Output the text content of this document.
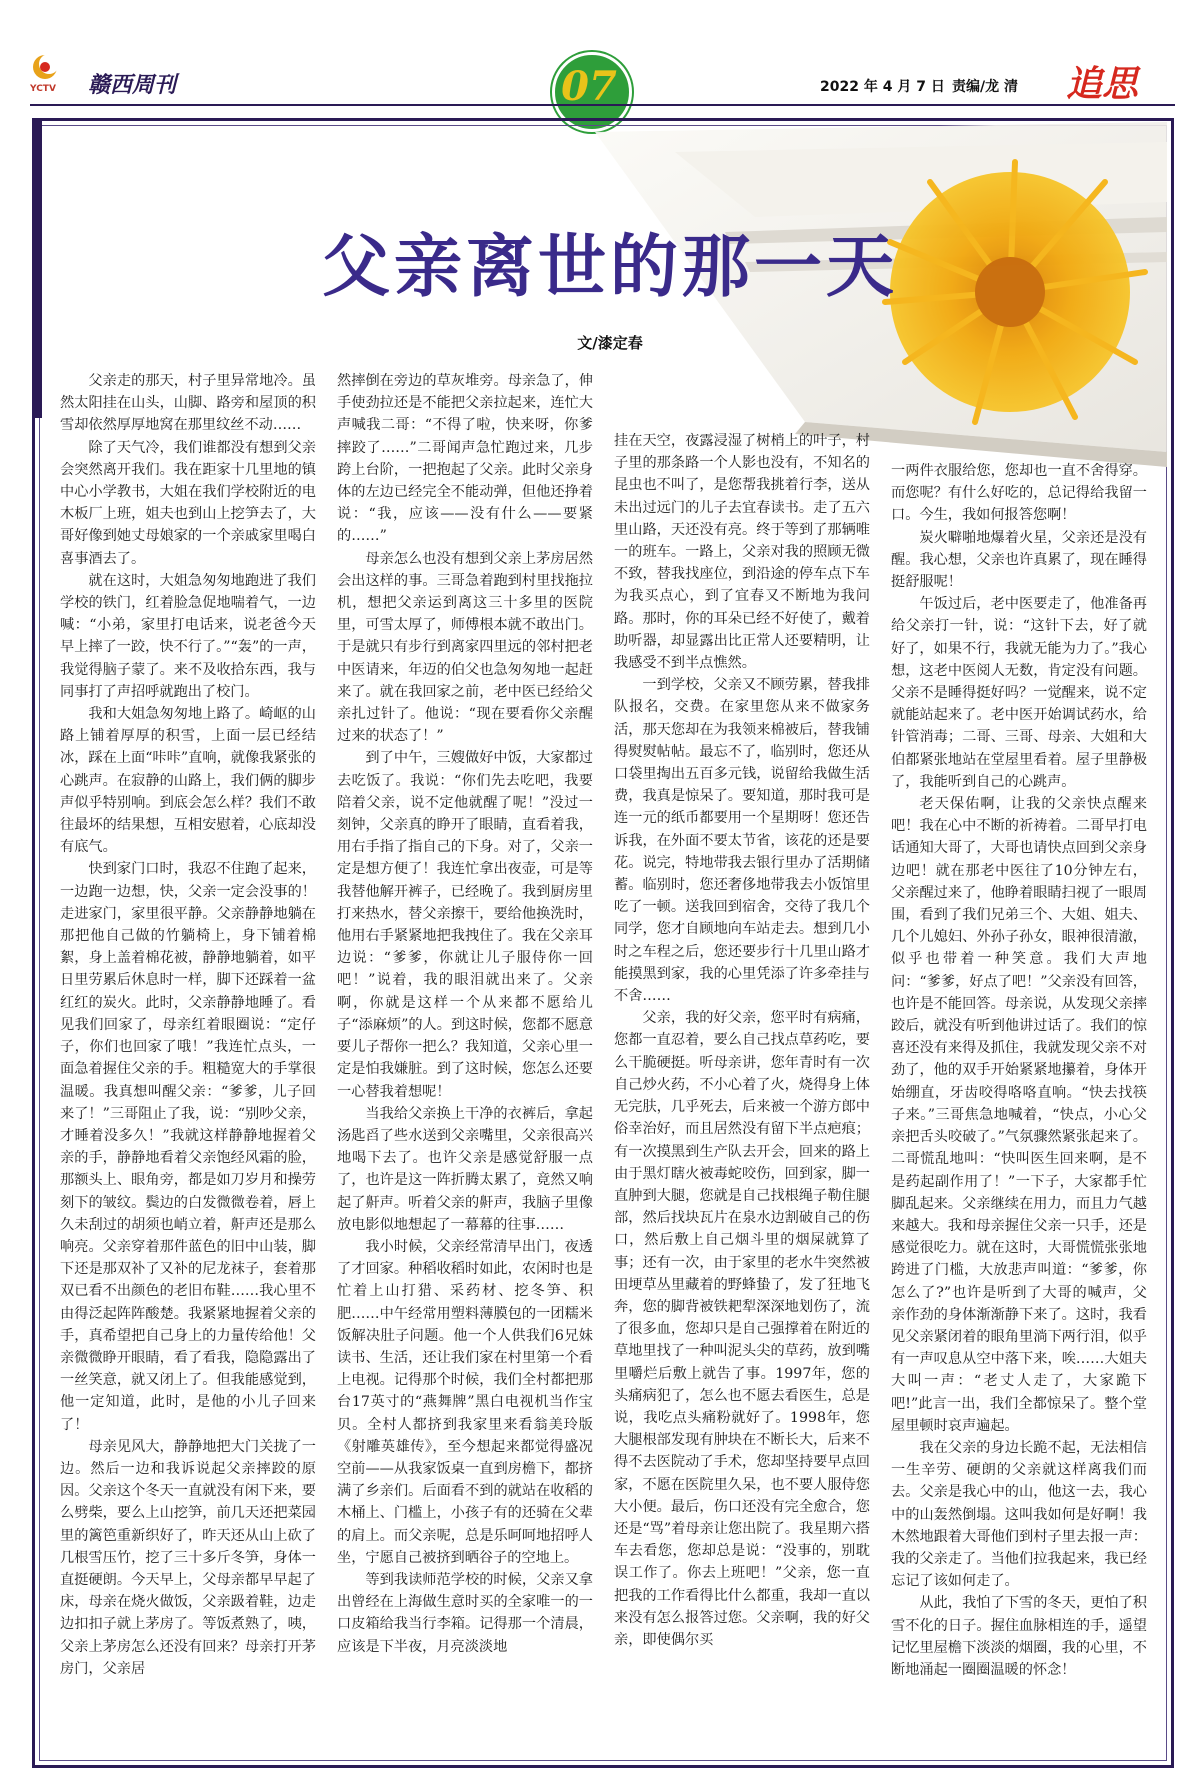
YCTV 赣西周刊	07	2022 年 4 月 7 日 责编/龙 清 追思
父亲离世的那一天
文/漆定春

父亲走的那天，村子里异常地冷。虽然太阳挂在山头，山脚、路旁和屋顶的积雪却依然厚厚地窝在那里纹丝不动……

除了天气冷，我们谁都没有想到父亲会突然离开我们。我在距家十几里地的镇中心小学教书，大姐在我们学校附近的电木板厂上班，姐夫也到山上挖笋去了，大哥好像到她丈母娘家的一个亲戚家里喝白喜事酒去了。

就在这时，大姐急匆匆地跑进了我们学校的铁门，红着脸急促地喘着气，一边喊：“小弟，家里打电话来，说老爸今天早上摔了一跤，快不行了。”“轰”的一声，我觉得脑子蒙了。来不及收拾东西，我与同事打了声招呼就跑出了校门。

我和大姐急匆匆地上路了。崎岖的山路上铺着厚厚的积雪，上面一层已经结冰，踩在上面“咔咔”直响，就像我紧张的心跳声。在寂静的山路上，我们俩的脚步声似乎特别响。到底会怎么样？我们不敢往最坏的结果想，互相安慰着，心底却没有底气。

快到家门口时，我忍不住跑了起来，一边跑一边想，快，父亲一定会没事的！走进家门，家里很平静。父亲静静地躺在那把他自己做的竹躺椅上，身下铺着棉絮，身上盖着棉花被，静静地躺着，如平日里劳累后休息时一样，脚下还踩着一盆红红的炭火。此时，父亲静静地睡了。看见我们回家了，母亲红着眼圈说：“定仔子，你们也回家了哦！”我连忙点头，一面急着握住父亲的手。粗糙宽大的手掌很温暖。我真想叫醒父亲：“爹爹，儿子回来了！”三哥阻止了我，说：“别吵父亲，才睡着没多久！”我就这样静静地握着父亲的手，静静地看着父亲饱经风霜的脸，那额头上、眼角旁，都是如刀岁月和操劳刻下的皱纹。鬓边的白发微微卷着，唇上久未刮过的胡须也峭立着，鼾声还是那么响亮。父亲穿着那件蓝色的旧中山装，脚下还是那双补了又补的尼龙袜子，套着那双已看不出颜色的老旧布鞋……我心里不由得泛起阵阵酸楚。我紧紧地握着父亲的手，真希望把自己身上的力量传给他！父亲微微睁开眼睛，看了看我，隐隐露出了一丝笑意，就又闭上了。但我能感觉到，他一定知道，此时，是他的小儿子回来了！

母亲见风大，静静地把大门关拢了一边。然后一边和我诉说起父亲摔跤的原因。父亲这个冬天一直就没有闲下来，要么劈柴，要么上山挖笋，前几天还把菜园里的篱笆重新织好了，昨天还从山上砍了几根雪压竹，挖了三十多斤冬笋，身体一直挺硬朗。今天早上，父母亲都早早起了床，母亲在烧火做饭，父亲趿着鞋，边走边扣扣子就上茅房了。等饭煮熟了，咦，父亲上茅房怎么还没有回来？母亲打开茅房门，父亲居

然摔倒在旁边的草灰堆旁。母亲急了，伸手使劲拉还是不能把父亲拉起来，连忙大声喊我二哥：“不得了啦，快来呀，你爹摔跤了……”二哥闻声急忙跑过来，几步跨上台阶，一把抱起了父亲。此时父亲身体的左边已经完全不能动弹，但他还挣着说：“我，应该——没有什么——要紧的……”

母亲怎么也没有想到父亲上茅房居然会出这样的事。三哥急着跑到村里找拖拉机，想把父亲运到离这三十多里的医院里，可雪太厚了，师傅根本就不敢出门。于是就只有步行到离家四里远的邻村把老中医请来，年迈的伯父也急匆匆地一起赶来了。就在我回家之前，老中医已经给父亲扎过针了。他说：“现在要看你父亲醒过来的状态了！”

到了中午，三嫂做好中饭，大家都过去吃饭了。我说：“你们先去吃吧，我要陪着父亲，说不定他就醒了呢！”没过一刻钟，父亲真的睁开了眼睛，直看着我，用右手指了指自己的下身。对了，父亲一定是想方便了！我连忙拿出夜壶，可是等我替他解开裤子，已经晚了。我到厨房里打来热水，替父亲擦干，要给他换洗时，他用右手紧紧地把我拽住了。我在父亲耳边说：“爹爹，你就让儿子服侍你一回吧！”说着，我的眼泪就出来了。父亲啊，你就是这样一个从来都不愿给儿子“添麻烦”的人。到这时候，您都不愿意要儿子帮你一把么？我知道，父亲心里一定是怕我嫌脏。到了这时候，您怎么还要一心替我着想呢！

当我给父亲换上干净的衣裤后，拿起汤匙舀了些水送到父亲嘴里，父亲很高兴地喝下去了。也许父亲是感觉舒服一点了，也许是这一阵折腾太累了，竟然又响起了鼾声。听着父亲的鼾声，我脑子里像放电影似地想起了一幕幕的往事……

我小时候，父亲经常清早出门，夜透了才回家。种稻收稻时如此，农闲时也是忙着上山打猎、采药材、挖冬笋、积肥……中午经常用塑料薄膜包的一团糯米饭解决肚子问题。他一个人供我们6兄妹读书、生活，还让我们家在村里第一个看上电视。记得那个时候，我们全村都把那台17英寸的“燕舞牌”黑白电视机当作宝贝。全村人都挤到我家里来看翁美玲版《射雕英雄传》，至今想起来都觉得盛况空前——从我家饭桌一直到房檐下，都挤满了乡亲们。后面看不到的就站在收稻的木桶上、门槛上，小孩子有的还骑在父辈的肩上。而父亲呢，总是乐呵呵地招呼人坐，宁愿自己被挤到晒谷子的空地上。

等到我读师范学校的时候，父亲又拿出曾经在上海做生意时买的全家唯一的一口皮箱给我当行李箱。记得那一个清晨，应该是下半夜，月亮淡淡地

挂在天空，夜露浸湿了树梢上的叶子，村子里的那条路一个人影也没有，不知名的昆虫也不叫了，是您帮我挑着行李，送从未出过远门的儿子去宜春读书。走了五六里山路，天还没有亮。终于等到了那辆唯一的班车。一路上，父亲对我的照顾无微不致，替我找座位，到沿途的停车点下车为我买点心，到了宜春又不断地为我问路。那时，你的耳朵已经不好使了，戴着助听器，却显露出比正常人还要精明，让我感受不到半点憔然。

一到学校，父亲又不顾劳累，替我排队报名，交费。在家里您从来不做家务活，那天您却在为我领来棉被后，替我铺得熨熨帖帖。最忘不了，临别时，您还从口袋里掏出五百多元钱，说留给我做生活费，我真是惊呆了。要知道，那时我可是连一元的纸币都要用一个星期呀！您还告诉我，在外面不要太节省，该花的还是要花。说完，特地带我去银行里办了活期储蓄。临别时，您还奢侈地带我去小饭馆里吃了一顿。送我回到宿舍，交待了我几个同学，您才自顾地向车站走去。想到几小时之车程之后，您还要步行十几里山路才能摸黑到家，我的心里凭添了许多牵挂与不舍……

父亲，我的好父亲，您平时有病痛，您都一直忍着，要么自己找点草药吃，要么干脆硬挺。听母亲讲，您年青时有一次自己炒火药，不小心着了火，烧得身上体无完肤，几乎死去，后来被一个游方郎中俗幸治好，而且居然没有留下半点疤痕；有一次摸黑到生产队去开会，回来的路上由于黑灯瞎火被毒蛇咬伤，回到家，脚一直肿到大腿，您就是自己找根绳子勒住腿部，然后找块瓦片在泉水边割破自己的伤口，然后敷上自己烟斗里的烟屎就算了事；还有一次，由于家里的老水牛突然被田埂草丛里藏着的野蜂蛰了，发了狂地飞奔，您的脚背被铁耙犁深深地划伤了，流了很多血，您却只是自己强撑着在附近的草地里找了一种叫泥头尖的草药，放到嘴里嚼烂后敷上就告了事。1997年，您的头痛病犯了，怎么也不愿去看医生，总是说，我吃点头痛粉就好了。1998年，您大腿根部发现有肿块在不断长大，后来不得不去医院动了手术，您却坚持要早点回家，不愿在医院里久呆，也不要人服侍您大小便。最后，伤口还没有完全愈合，您还是“骂”着母亲让您出院了。我星期六搭车去看您，您却总是说：“没事的，别耽误工作了。你去上班吧！”父亲，您一直把我的工作看得比什么都重，我却一直以来没有怎么报答过您。父亲啊，我的好父亲，即使偶尔买

一两件衣服给您，您却也一直不舍得穿。而您呢？有什么好吃的，总记得给我留一口。今生，我如何报答您啊！

炭火噼啪地爆着火星，父亲还是没有醒。我心想，父亲也许真累了，现在睡得挺舒服呢！

午饭过后，老中医要走了，他准备再给父亲打一针，说：“这针下去，好了就好了，如果不行，我就无能为力了。”我心想，这老中医阅人无数，肯定没有问题。父亲不是睡得挺好吗？一觉醒来，说不定就能站起来了。老中医开始调试药水，给针管消毒；二哥、三哥、母亲、大姐和大伯都紧张地站在堂屋里看着。屋子里静极了，我能听到自己的心跳声。

老天保佑啊，让我的父亲快点醒来吧！我在心中不断的祈祷着。二哥早打电话通知大哥了，大哥也请快点回到父亲身边吧！就在那老中医往了10分钟左右，父亲醒过来了，他睁着眼睛扫视了一眼周围，看到了我们兄弟三个、大姐、姐夫、几个儿媳妇、外孙子孙女，眼神很清澈，似乎也带着一种笑意。我们大声地问：“爹爹，好点了吧！”父亲没有回答，也许是不能回答。母亲说，从发现父亲摔跤后，就没有听到他讲过话了。我们的惊喜还没有来得及抓住，我就发现父亲不对劲了，他的双手开始紧紧地攥着，身体开始绷直，牙齿咬得咯咯直响。“快去找筷子来。”三哥焦急地喊着，“快点，小心父亲把舌头咬破了。”气氛骤然紧张起来了。二哥慌乱地叫：“快叫医生回来啊，是不是药起副作用了！”一下子，大家都手忙脚乱起来。父亲继续在用力，而且力气越来越大。我和母亲握住父亲一只手，还是感觉很吃力。就在这时，大哥慌慌张张地跨进了门槛，大放悲声叫道：“爹爹，你怎么了?”也许是听到了大哥的喊声，父亲作劲的身体渐渐静下来了。这时，我看见父亲紧闭着的眼角里淌下两行泪，似乎有一声叹息从空中落下来，唉……大姐夫大叫一声：“老丈人走了，大家跪下吧!”此言一出，我们全都惊呆了。整个堂屋里顿时哀声遍起。

我在父亲的身边长跪不起，无法相信一生辛劳、硬朗的父亲就这样离我们而去。父亲是我心中的山，他这一去，我心中的山轰然倒塌。这叫我如何是好啊！我木然地跟着大哥他们到村子里去报一声：我的父亲走了。当他们拉我起来，我已经忘记了该如何走了。

从此，我怕了下雪的冬天，更怕了积雪不化的日子。握住血脉相连的手，遥望记忆里屋檐下淡淡的烟圈，我的心里，不断地涌起一圈圈温暖的怀念！
